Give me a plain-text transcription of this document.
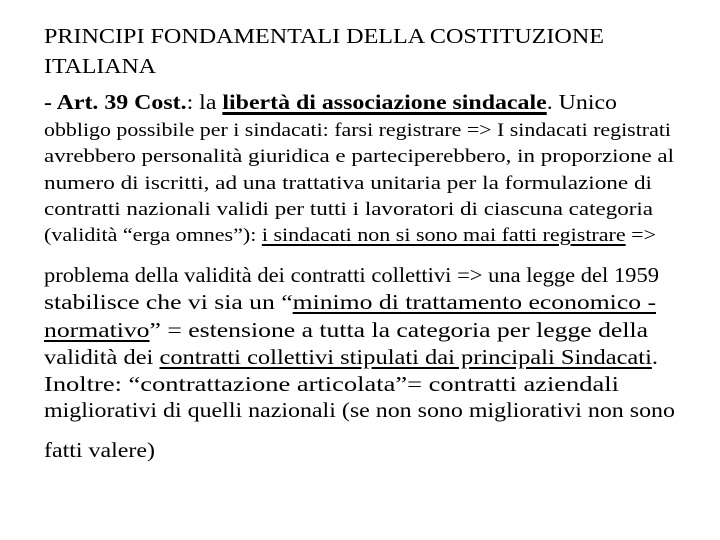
PRINCIPI FONDAMENTALI DELLA COSTITUZIONE
ITALIANA
- Art. 39 Cost.: la libertà di associazione sindacale. Unico
obbligo possibile per i sindacati: farsi registrare => I sindacati registrati
avrebbero personalità giuridica e parteciperebbero, in proporzione al
numero di iscritti, ad una trattativa unitaria per la formulazione di
contratti nazionali validi per tutti i lavoratori di ciascuna categoria
(validità “erga omnes”): i sindacati non si sono mai fatti registrare =>
problema della validità dei contratti collettivi => una legge del 1959
stabilisce che vi sia un “minimo di trattamento economico -
normativo” = estensione a tutta la categoria per legge della
validità dei contratti collettivi stipulati dai principali Sindacati.
Inoltre: “contrattazione articolata”= contratti aziendali
migliorativi di quelli nazionali (se non sono migliorativi non sono
fatti valere)
